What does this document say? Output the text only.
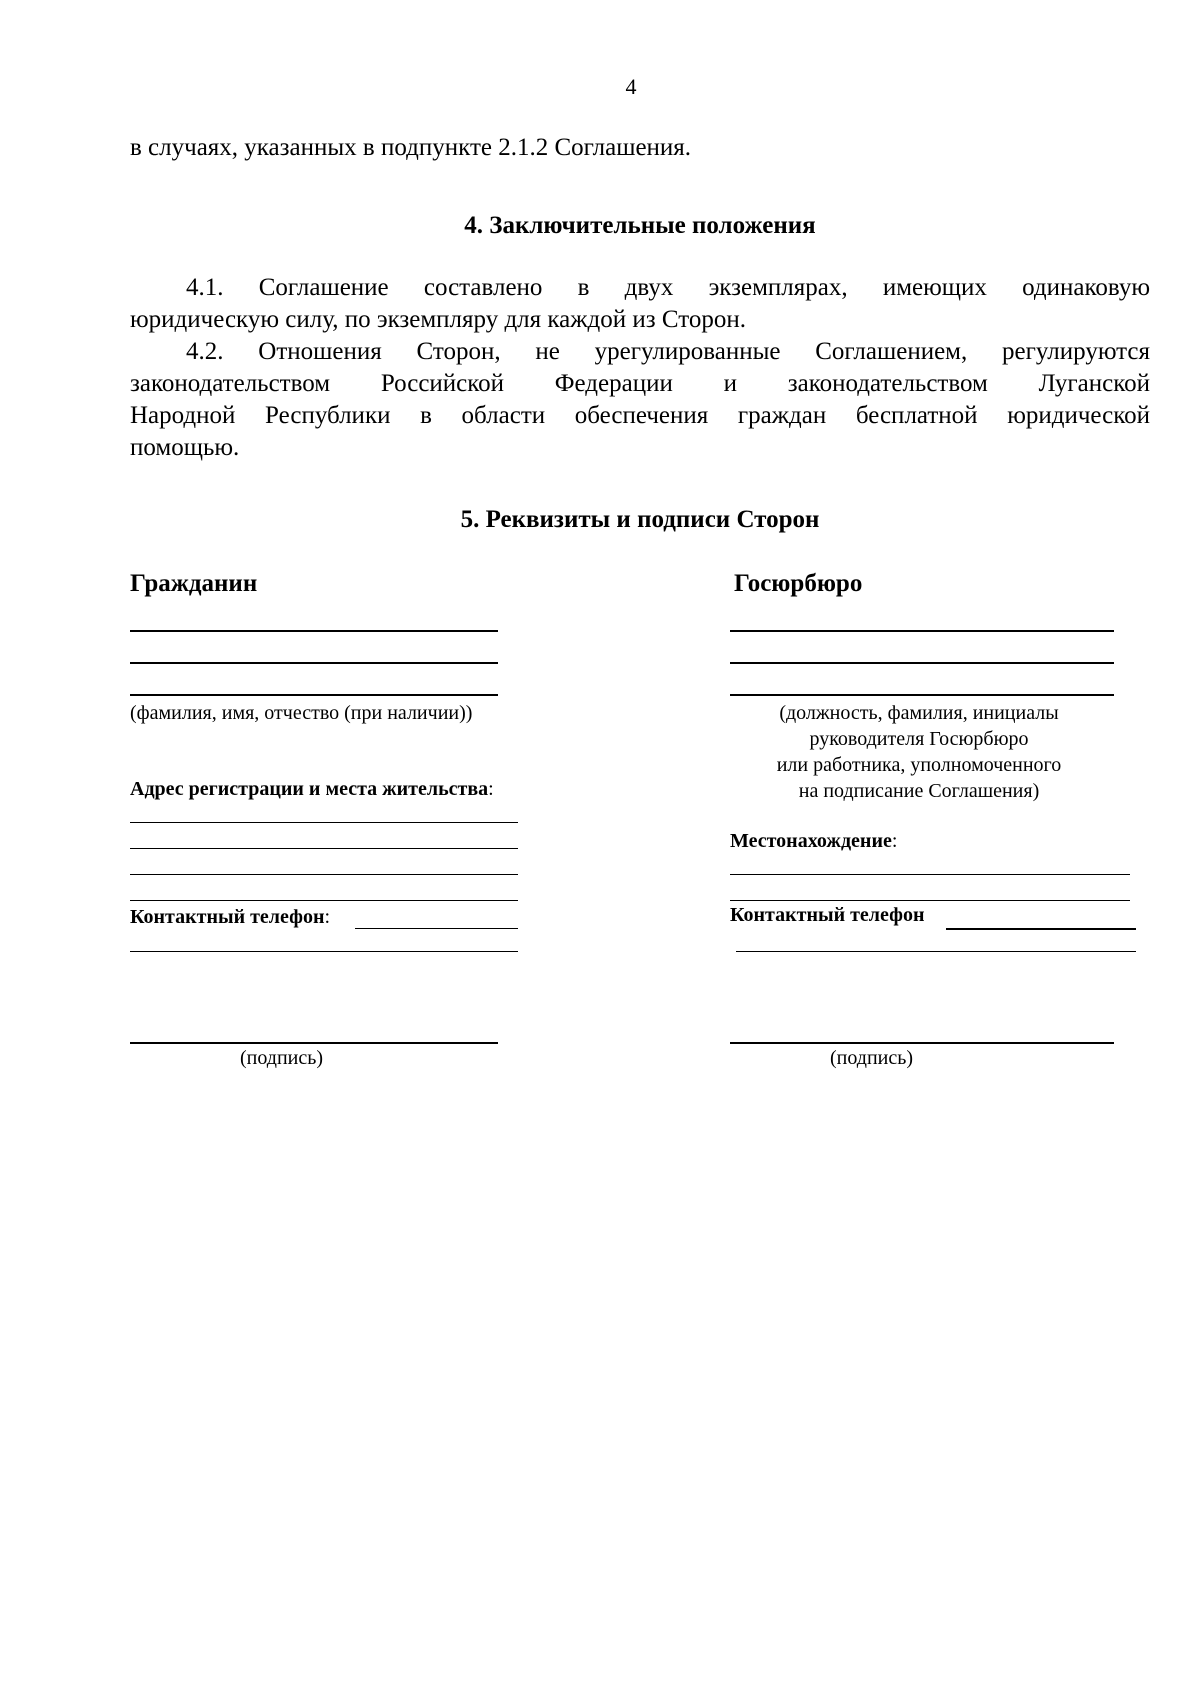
4

в случаях, указанных в подпункте 2.1.2 Соглашения.

4. Заключительные положения
4.1. Соглашение составлено в двух экземплярах, имеющих одинаковую
юридическую силу, по экземпляру для каждой из Сторон.
4.2. Отношения Сторон, не урегулированные Соглашением, регулируются
законодательством Российской Федерации и законодательством Луганской
Народной Республики в области обеспечения граждан бесплатной юридической
помощью.
5. Реквизиты и подписи Сторон
Гражданин
(фамилия, имя, отчество (при наличии))
Адрес регистрации и места жительства:
Контактный телефон:
(подпись)
Госюрбюро
(должность, фамилия, инициалы
руководителя Госюрбюро
или работника, уполномоченного
на подписание Соглашения)
Местонахождение:
Контактный телефон
(подпись)
